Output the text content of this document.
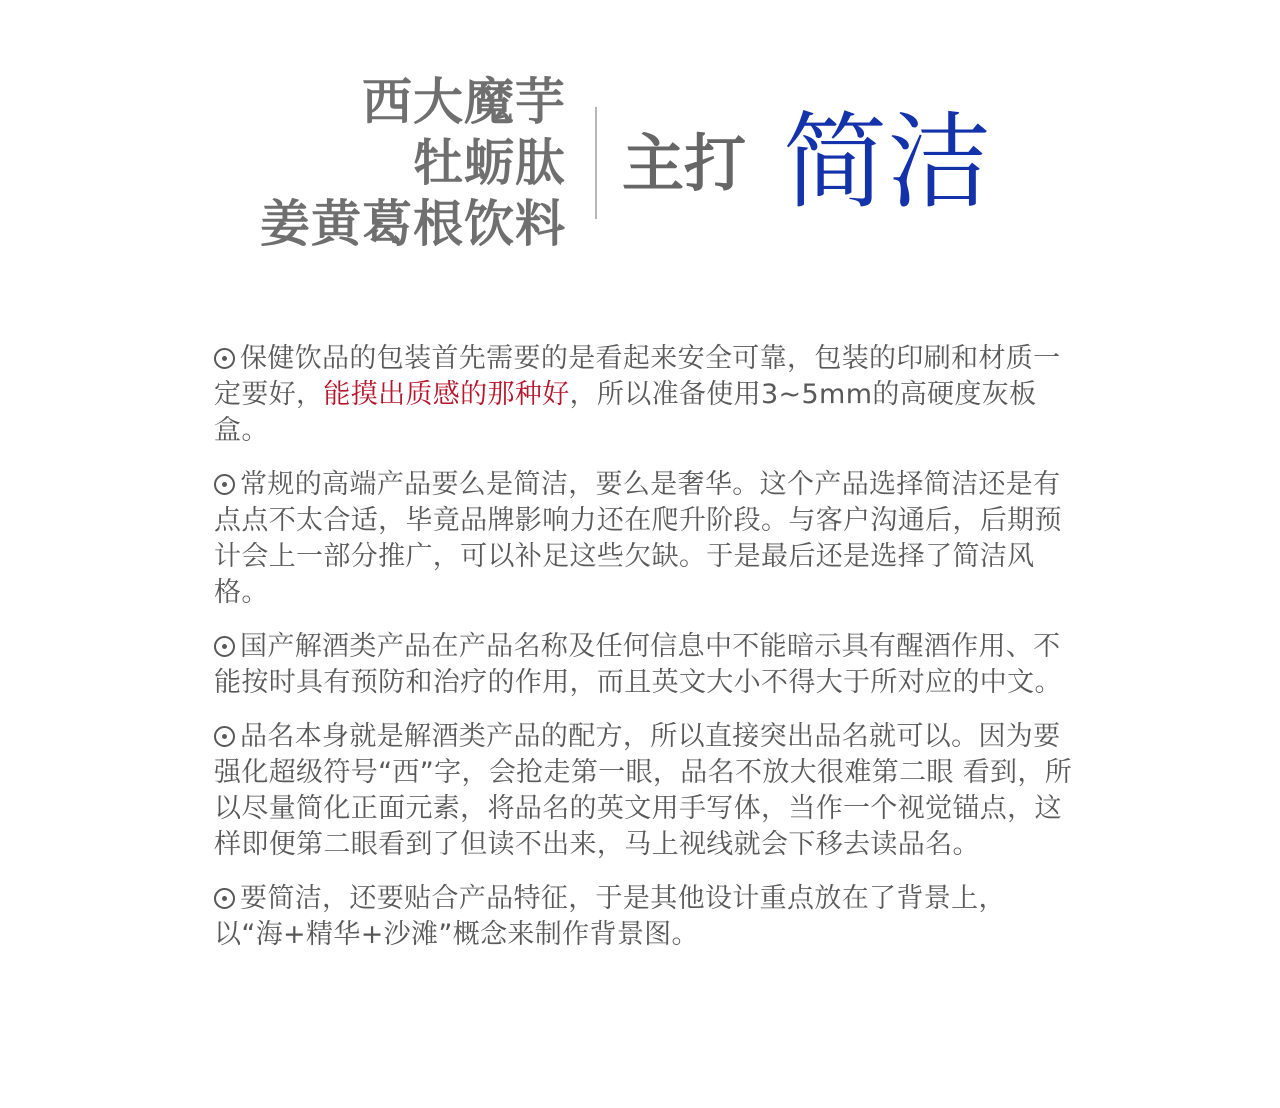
西大魔芋
牡蛎肽
姜黄葛根饮料
主打 简洁

保健饮品的包装首先需要的是看起来安全可靠，包装的印刷和材质一定要好，能摸出质感的那种好，所以准备使用3~5mm的高硬度灰板盒。

常规的高端产品要么是简洁，要么是奢华。这个产品选择简洁还是有点点不太合适，毕竟品牌影响力还在爬升阶段。与客户沟通后，后期预计会上一部分推广，可以补足这些欠缺。于是最后还是选择了简洁风格。

国产解酒类产品在产品名称及任何信息中不能暗示具有醒酒作用、不能按时具有预防和治疗的作用，而且英文大小不得大于所对应的中文。

品名本身就是解酒类产品的配方，所以直接突出品名就可以。因为要强化超级符号“西”字，会抢走第一眼，品名不放大很难第二眼 看到，所以尽量简化正面元素，将品名的英文用手写体，当作一个视觉锚点，这样即便第二眼看到了但读不出来，马上视线就会下移去读品名。

要简洁，还要贴合产品特征，于是其他设计重点放在了背景上，以“海+精华+沙滩”概念来制作背景图。
